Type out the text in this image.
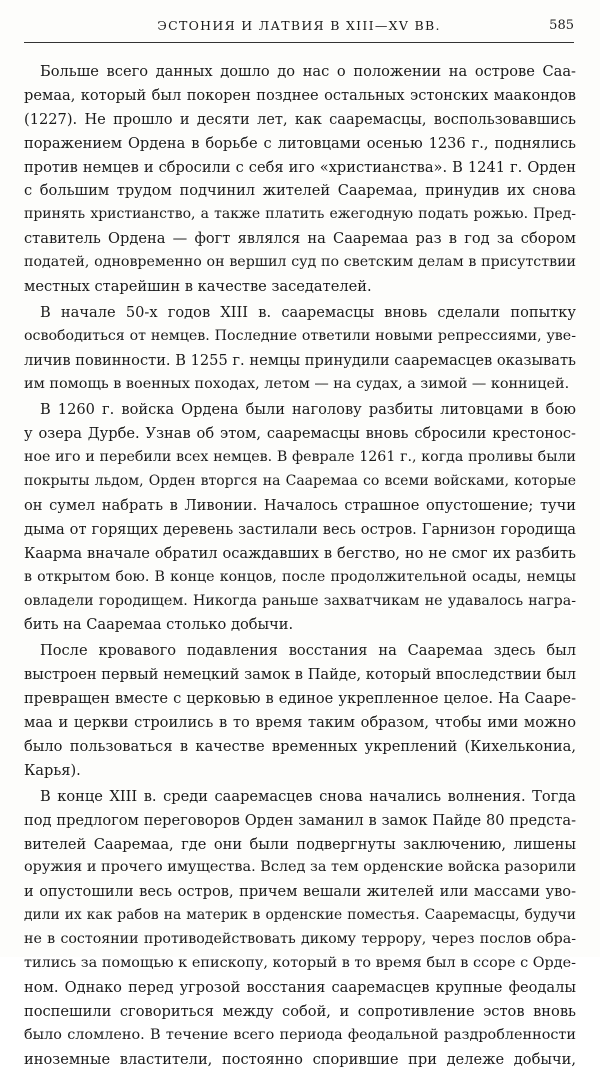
ЭСТОНИЯ И ЛАТВИЯ В XIII—XV ВВ.	585
Больше всего данных дошло до нас о положении на острове Саа-
ремаа, который был покорен позднее остальных эстонских маакондов
(1227). Не прошло и десяти лет, как сааремасцы, воспользовавшись
поражением Ордена в борьбе с литовцами осенью 1236 г., поднялись
против немцев и сбросили с себя иго «христианства». В 1241 г. Орден
с большим трудом подчинил жителей Сааремаа, принудив их снова
принять христианство, а также платить ежегодную подать рожью. Пред-
ставитель Ордена — фогт являлся на Сааремаа раз в год за сбором
податей, одновременно он вершил суд по светским делам в присутствии
местных старейшин в качестве заседателей.
В начале 50-х годов XIII в. сааремасцы вновь сделали попытку
освободиться от немцев. Последние ответили новыми репрессиями, уве-
личив повинности. В 1255 г. немцы принудили сааремасцев оказывать
им помощь в военных походах, летом — на судах, а зимой — конницей.
В 1260 г. войска Ордена были наголову разбиты литовцами в бою
у озера Дурбе. Узнав об этом, сааремасцы вновь сбросили крестонос-
ное иго и перебили всех немцев. В феврале 1261 г., когда проливы были
покрыты льдом, Орден вторгся на Сааремаа со всеми войсками, которые
он сумел набрать в Ливонии. Началось страшное опустошение; тучи
дыма от горящих деревень застилали весь остров. Гарнизон городища
Каарма вначале обратил осаждавших в бегство, но не смог их разбить
в открытом бою. В конце концов, после продолжительной осады, немцы
овладели городищем. Никогда раньше захватчикам не удавалось награ-
бить на Сааремаа столько добычи.
После кровавого подавления восстания на Сааремаа здесь был
выстроен первый немецкий замок в Пайде, который впоследствии был
превращен вместе с церковью в единое укрепленное целое. На Сааре-
маа и церкви строились в то время таким образом, чтобы ими можно
было пользоваться в качестве временных укреплений (Кихелькониа,
Карья).
В конце XIII в. среди сааремасцев снова начались волнения. Тогда
под предлогом переговоров Орден заманил в замок Пайде 80 предста-
вителей Сааремаа, где они были подвергнуты заключению, лишены
оружия и прочего имущества. Вслед за тем орденские войска разорили
и опустошили весь остров, причем вешали жителей или массами уво-
дили их как рабов на материк в орденские поместья. Сааремасцы, будучи
не в состоянии противодействовать дикому террору, через послов обра-
тились за помощью к епископу, который в то время был в ссоре с Орде-
ном. Однако перед угрозой восстания сааремасцев крупные феодалы
поспешили сговориться между собой, и сопротивление эстов вновь
было сломлено. В течение всего периода феодальной раздробленности
иноземные властители, постоянно спорившие при дележе добычи,
